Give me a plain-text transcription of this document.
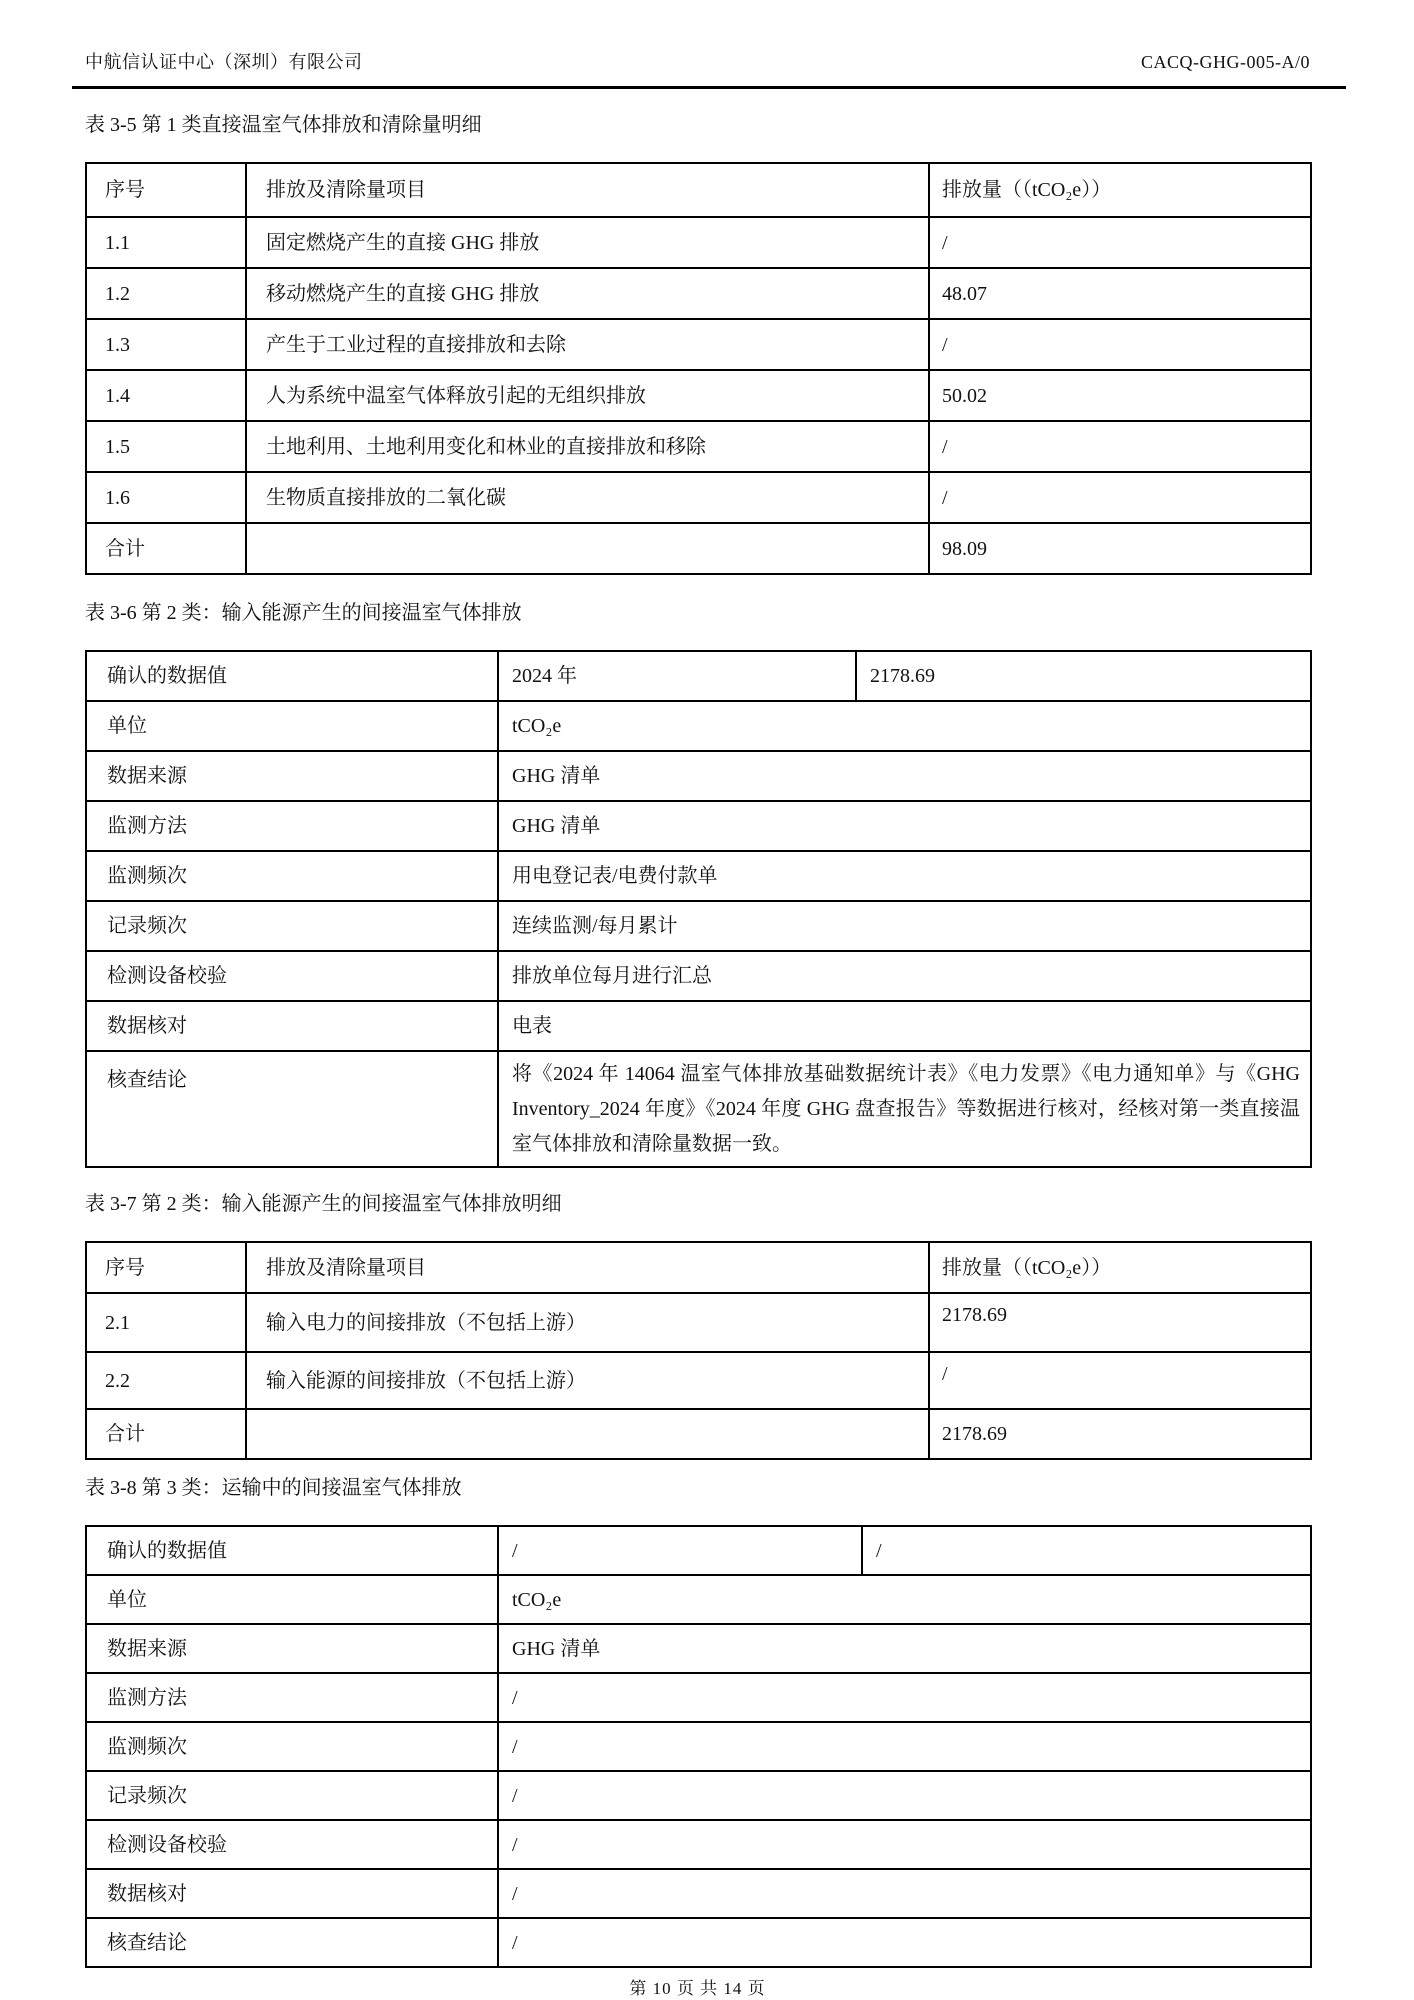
中航信认证中心（深圳）有限公司	CACQ-GHG-005-A/0
表 3-5 第 1 类直接温室气体排放和清除量明细
序号	排放及清除量项目	排放量（（tCO₂e））
1.1	固定燃烧产生的直接 GHG 排放	/
1.2	移动燃烧产生的直接 GHG 排放	48.07
1.3	产生于工业过程的直接排放和去除	/
1.4	人为系统中温室气体释放引起的无组织排放	50.02
1.5	土地利用、土地利用变化和林业的直接排放和移除	/
1.6	生物质直接排放的二氧化碳	/
合计		98.09
表 3-6 第 2 类：输入能源产生的间接温室气体排放
确认的数据值	2024 年	2178.69
单位	tCO₂e	
数据来源	GHG 清单	
监测方法	GHG 清单	
监测频次	用电登记表/电费付款单	
记录频次	连续监测/每月累计	
检测设备校验	排放单位每月进行汇总	
数据核对	电表	
核查结论	将《2024 年 14064 温室气体排放基础数据统计表》《电力发票》《电力通知单》与《GHG Inventory_2024 年度》《2024 年度 GHG 盘查报告》等数据进行核对，经核对第一类直接温室气体排放和清除量数据一致。	
表 3-7 第 2 类：输入能源产生的间接温室气体排放明细
序号	排放及清除量项目	排放量（（tCO₂e））
2.1	输入电力的间接排放（不包括上游）	2178.69
2.2	输入能源的间接排放（不包括上游）	/
合计		2178.69
表 3-8 第 3 类：运输中的间接温室气体排放
确认的数据值	/	/
单位	tCO₂e	
数据来源	GHG 清单	
监测方法	/	
监测频次	/	
记录频次	/	
检测设备校验	/	
数据核对	/	
核查结论	/	
第 10 页 共 14 页
